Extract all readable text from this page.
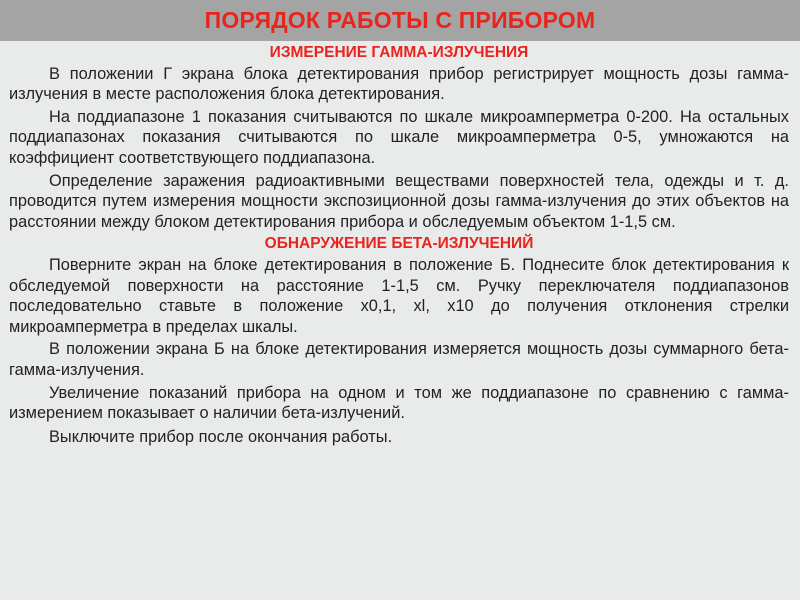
ПОРЯДОК РАБОТЫ С ПРИБОРОМ
ИЗМЕРЕНИЕ ГАММА-ИЗЛУЧЕНИЯ

В положении Г экрана блока детектирования прибор регистрирует мощность дозы гамма-излучения в месте расположения блока детектирования.

На поддиапазоне 1 показания считываются по шкале микроамперметра 0-200. На остальных поддиапазонах показания считываются по шкале микроамперметра 0-5, умножаются на коэффициент соответствующего поддиапазона.

Определение заражения радиоактивными веществами поверхностей тела, одежды и т. д. проводится путем измерения мощности экспозиционной дозы гамма-излучения до этих объектов на расстоянии между блоком детектирования прибора и обследуемым объектом 1-1,5 см.

ОБНАРУЖЕНИЕ БЕТА-ИЗЛУЧЕНИЙ

Поверните экран на блоке детектирования в положение Б. Поднесите блок детектирования к обследуемой поверхности на расстояние 1-1,5 см. Ручку переключателя поддиапазонов последовательно ставьте в положение x0,1, xl, x10 до получения отклонения стрелки микроамперметра в пределах шкалы.

В положении экрана Б на блоке детектирования измеряется мощность дозы суммарного бета-гамма-излучения.

Увеличение показаний прибора на одном и том же поддиапазоне по сравнению с гамма-измерением показывает о наличии бета-излучений.

Выключите прибор после окончания работы.
